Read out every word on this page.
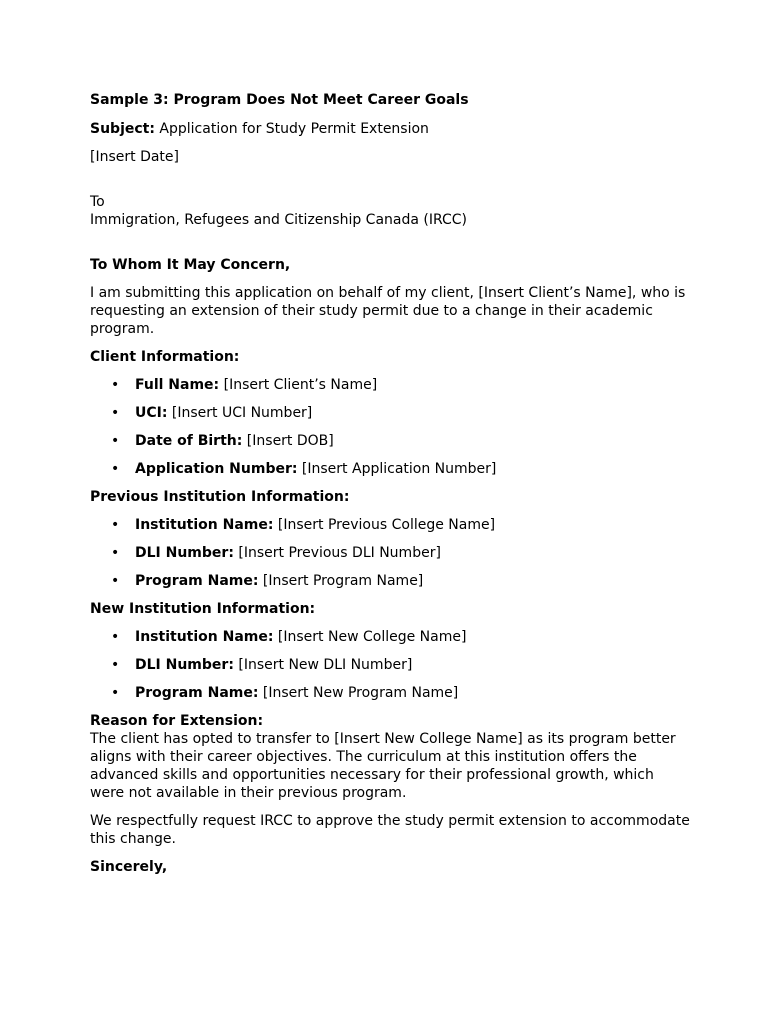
Sample 3: Program Does Not Meet Career Goals

Subject: Application for Study Permit Extension

[Insert Date]

To

Immigration, Refugees and Citizenship Canada (IRCC)

To Whom It May Concern,

I am submitting this application on behalf of my client, [Insert Client’s Name], who is requesting an extension of their study permit due to a change in their academic program.

Client Information:

• Full Name: [Insert Client’s Name]
• UCI: [Insert UCI Number]
• Date of Birth: [Insert DOB]
• Application Number: [Insert Application Number]

Previous Institution Information:

• Institution Name: [Insert Previous College Name]
• DLI Number: [Insert Previous DLI Number]
• Program Name: [Insert Program Name]

New Institution Information:

• Institution Name: [Insert New College Name]
• DLI Number: [Insert New DLI Number]
• Program Name: [Insert New Program Name]

Reason for Extension:

The client has opted to transfer to [Insert New College Name] as its program better aligns with their career objectives. The curriculum at this institution offers the advanced skills and opportunities necessary for their professional growth, which were not available in their previous program.

We respectfully request IRCC to approve the study permit extension to accommodate this change.

Sincerely,
